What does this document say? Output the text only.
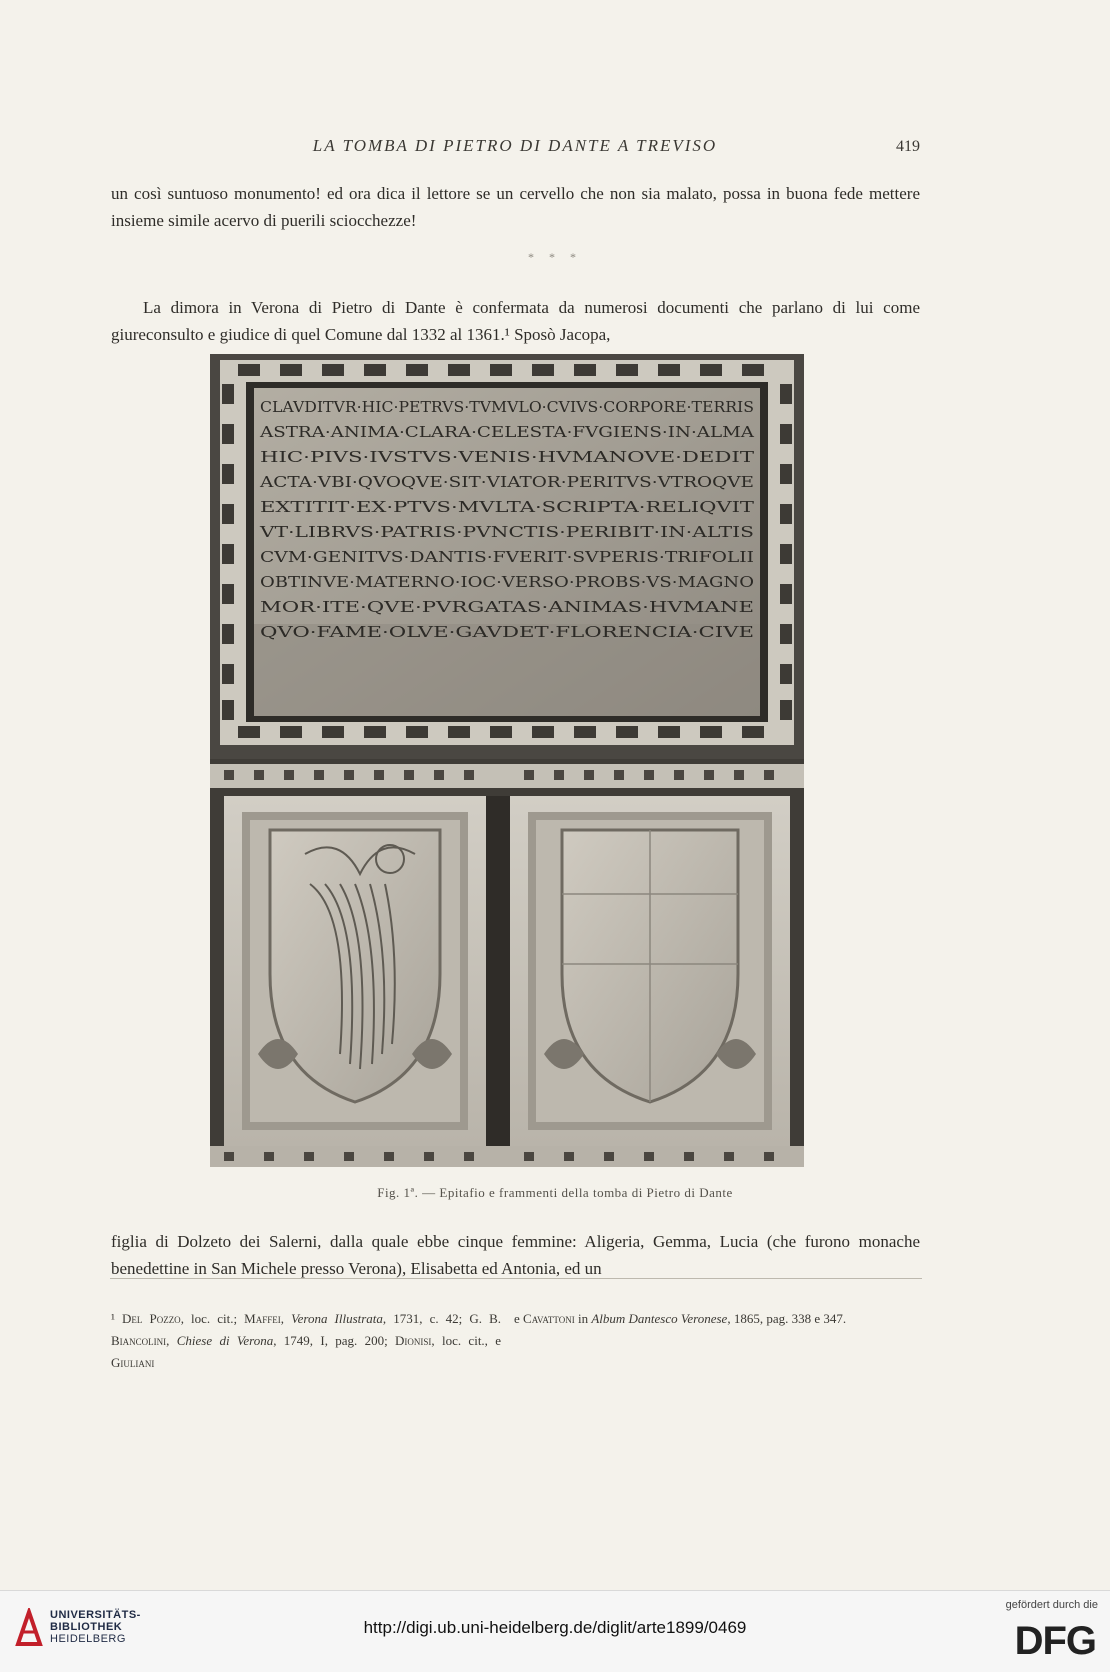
LA TOMBA DI PIETRO DI DANTE A TREVISO	419
un così suntuoso monumento! ed ora dica il lettore se un cervello che non sia malato, possa in buona fede mettere insieme simile acervo di puerili sciocchezze!
* * *
La dimora in Verona di Pietro di Dante è confermata da numerosi documenti che parlano di lui come giureconsulto e giudice di quel Comune dal 1332 al 1361.¹ Sposò Jacopa,
CLAVDITVR·HIC·PETRVS·TVMVLO·CVIVS·CORPORE·TERRIS
ASTRA·ANIMA·CLARA·CELESTA·FVGIENS·IN·ALMA
HIC·PIVS·IVSTVS·VENIS·HVMANOVE·DEDIT
ACTA·VBI·QVOQVE·SIT·VIATOR·PERITVS·VTROQVE
EXTITIT·EX·PTVS·MVLTA·SCRIPTA·RELIQVIT
VT·LIBRVS·PATRIS·PVNCTIS·PERIBIT·IN·ALTIS
CVM·GENITVS·DANTIS·FVERIT·SVPERIS·TRIFOLII
OBTINVE·MATERNO·IOC·VERSO·PROBS·VS·MAGNO
MOR·ITE·QVE·PVRGATAS·ANIMAS·HVMANE
QVO·FAME·OLVE·GAVDET·FLORENCIA·CIVE
Fig. 1ª. — Epitafio e frammenti della tomba di Pietro di Dante
figlia di Dolzeto dei Salerni, dalla quale ebbe cinque femmine: Aligeria, Gemma, Lucia (che furono monache benedettine in San Michele presso Verona), Elisabetta ed Antonia, ed un
¹ Del Pozzo, loc. cit.; Maffei, Verona Illustrata, 1731, c. 42; G. B. Biancolini, Chiese di Verona, 1749, I, pag. 200; Dionisi, loc. cit., e Giuliani
e Cavattoni in Album Dantesco Veronese, 1865, pag. 338 e 347.
UNIVERSITÄTS-
BIBLIOTHEK
HEIDELBERG
http://digi.ub.uni-heidelberg.de/diglit/arte1899/0469
gefördert durch die
DFG
